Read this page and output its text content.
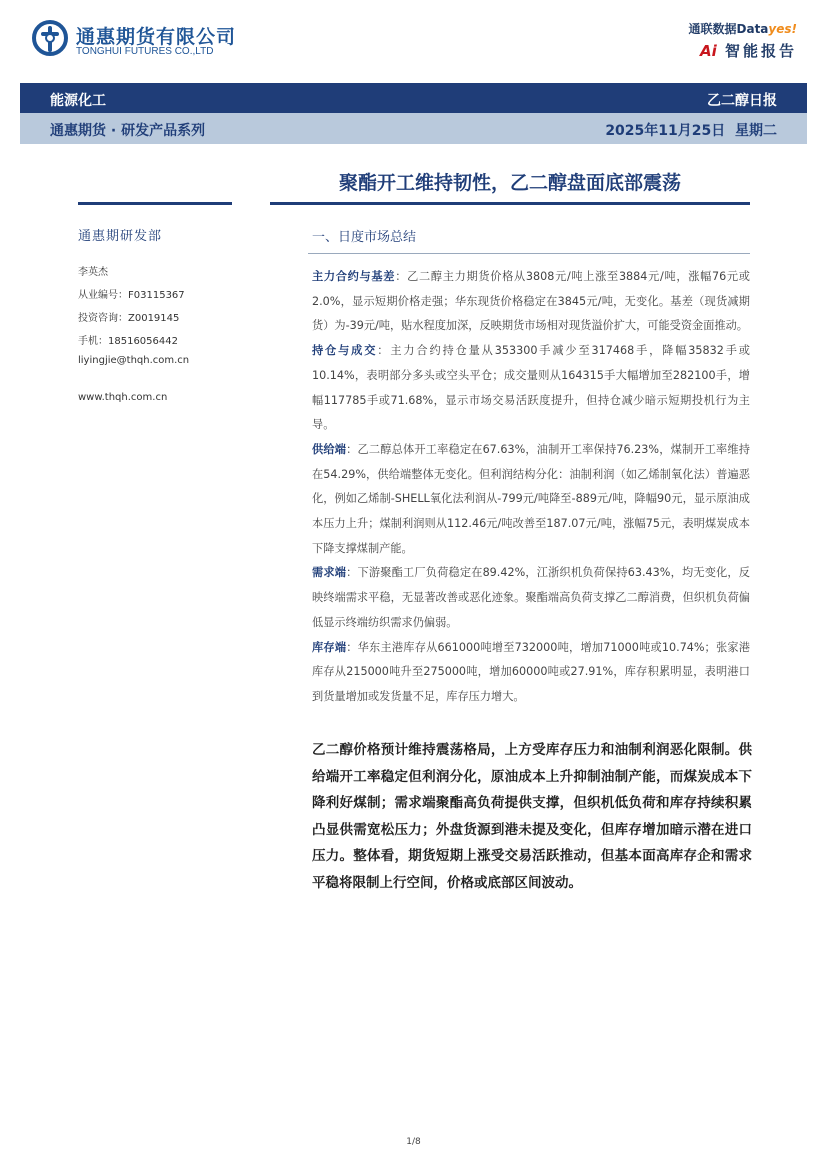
通惠期货有限公司
TONGHUI FUTURES CO.,LTD
通联数据Datayes!
Ai 智能报告
能源化工	乙二醇日报
通惠期货 · 研发产品系列	2025年11月25日  星期二
聚酯开工维持韧性，乙二醇盘面底部震荡
通惠期研发部
李英杰
从业编号：F03115367
投资咨询：Z0019145
手机：18516056442
liyingjie@thqh.com.cn
www.thqh.com.cn
一、日度市场总结

主力合约与基差：乙二醇主力期货价格从3808元/吨上涨至3884元/吨，涨幅76元或2.0%，显示短期价格走强；华东现货价格稳定在3845元/吨，无变化。基差（现货减期货）为-39元/吨，贴水程度加深，反映期货市场相对现货溢价扩大，可能受资金面推动。

持仓与成交：主力合约持仓量从353300手减少至317468手，降幅35832手或10.14%，表明部分多头或空头平仓；成交量则从164315手大幅增加至282100手，增幅117785手或71.68%，显示市场交易活跃度提升，但持仓减少暗示短期投机行为主导。

供给端：乙二醇总体开工率稳定在67.63%，油制开工率保持76.23%，煤制开工率维持在54.29%，供给端整体无变化。但利润结构分化：油制利润（如乙烯制氧化法）普遍恶化，例如乙烯制-SHELL氧化法利润从-799元/吨降至-889元/吨，降幅90元，显示原油成本压力上升；煤制利润则从112.46元/吨改善至187.07元/吨，涨幅75元，表明煤炭成本下降支撑煤制产能。

需求端：下游聚酯工厂负荷稳定在89.42%，江浙织机负荷保持63.43%，均无变化，反映终端需求平稳，无显著改善或恶化迹象。聚酯端高负荷支撑乙二醇消费，但织机负荷偏低显示终端纺织需求仍偏弱。

库存端：华东主港库存从661000吨增至732000吨，增加71000吨或10.74%；张家港库存从215000吨升至275000吨，增加60000吨或27.91%，库存积累明显，表明港口到货量增加或发货量不足，库存压力增大。

乙二醇价格预计维持震荡格局，上方受库存压力和油制利润恶化限制。供给端开工率稳定但利润分化，原油成本上升抑制油制产能，而煤炭成本下降利好煤制；需求端聚酯高负荷提供支撑，但织机低负荷和库存持续积累凸显供需宽松压力；外盘货源到港未提及变化，但库存增加暗示潜在进口压力。整体看，期货短期上涨受交易活跃推动，但基本面高库存企和需求平稳将限制上行空间，价格或底部区间波动。
1/8
